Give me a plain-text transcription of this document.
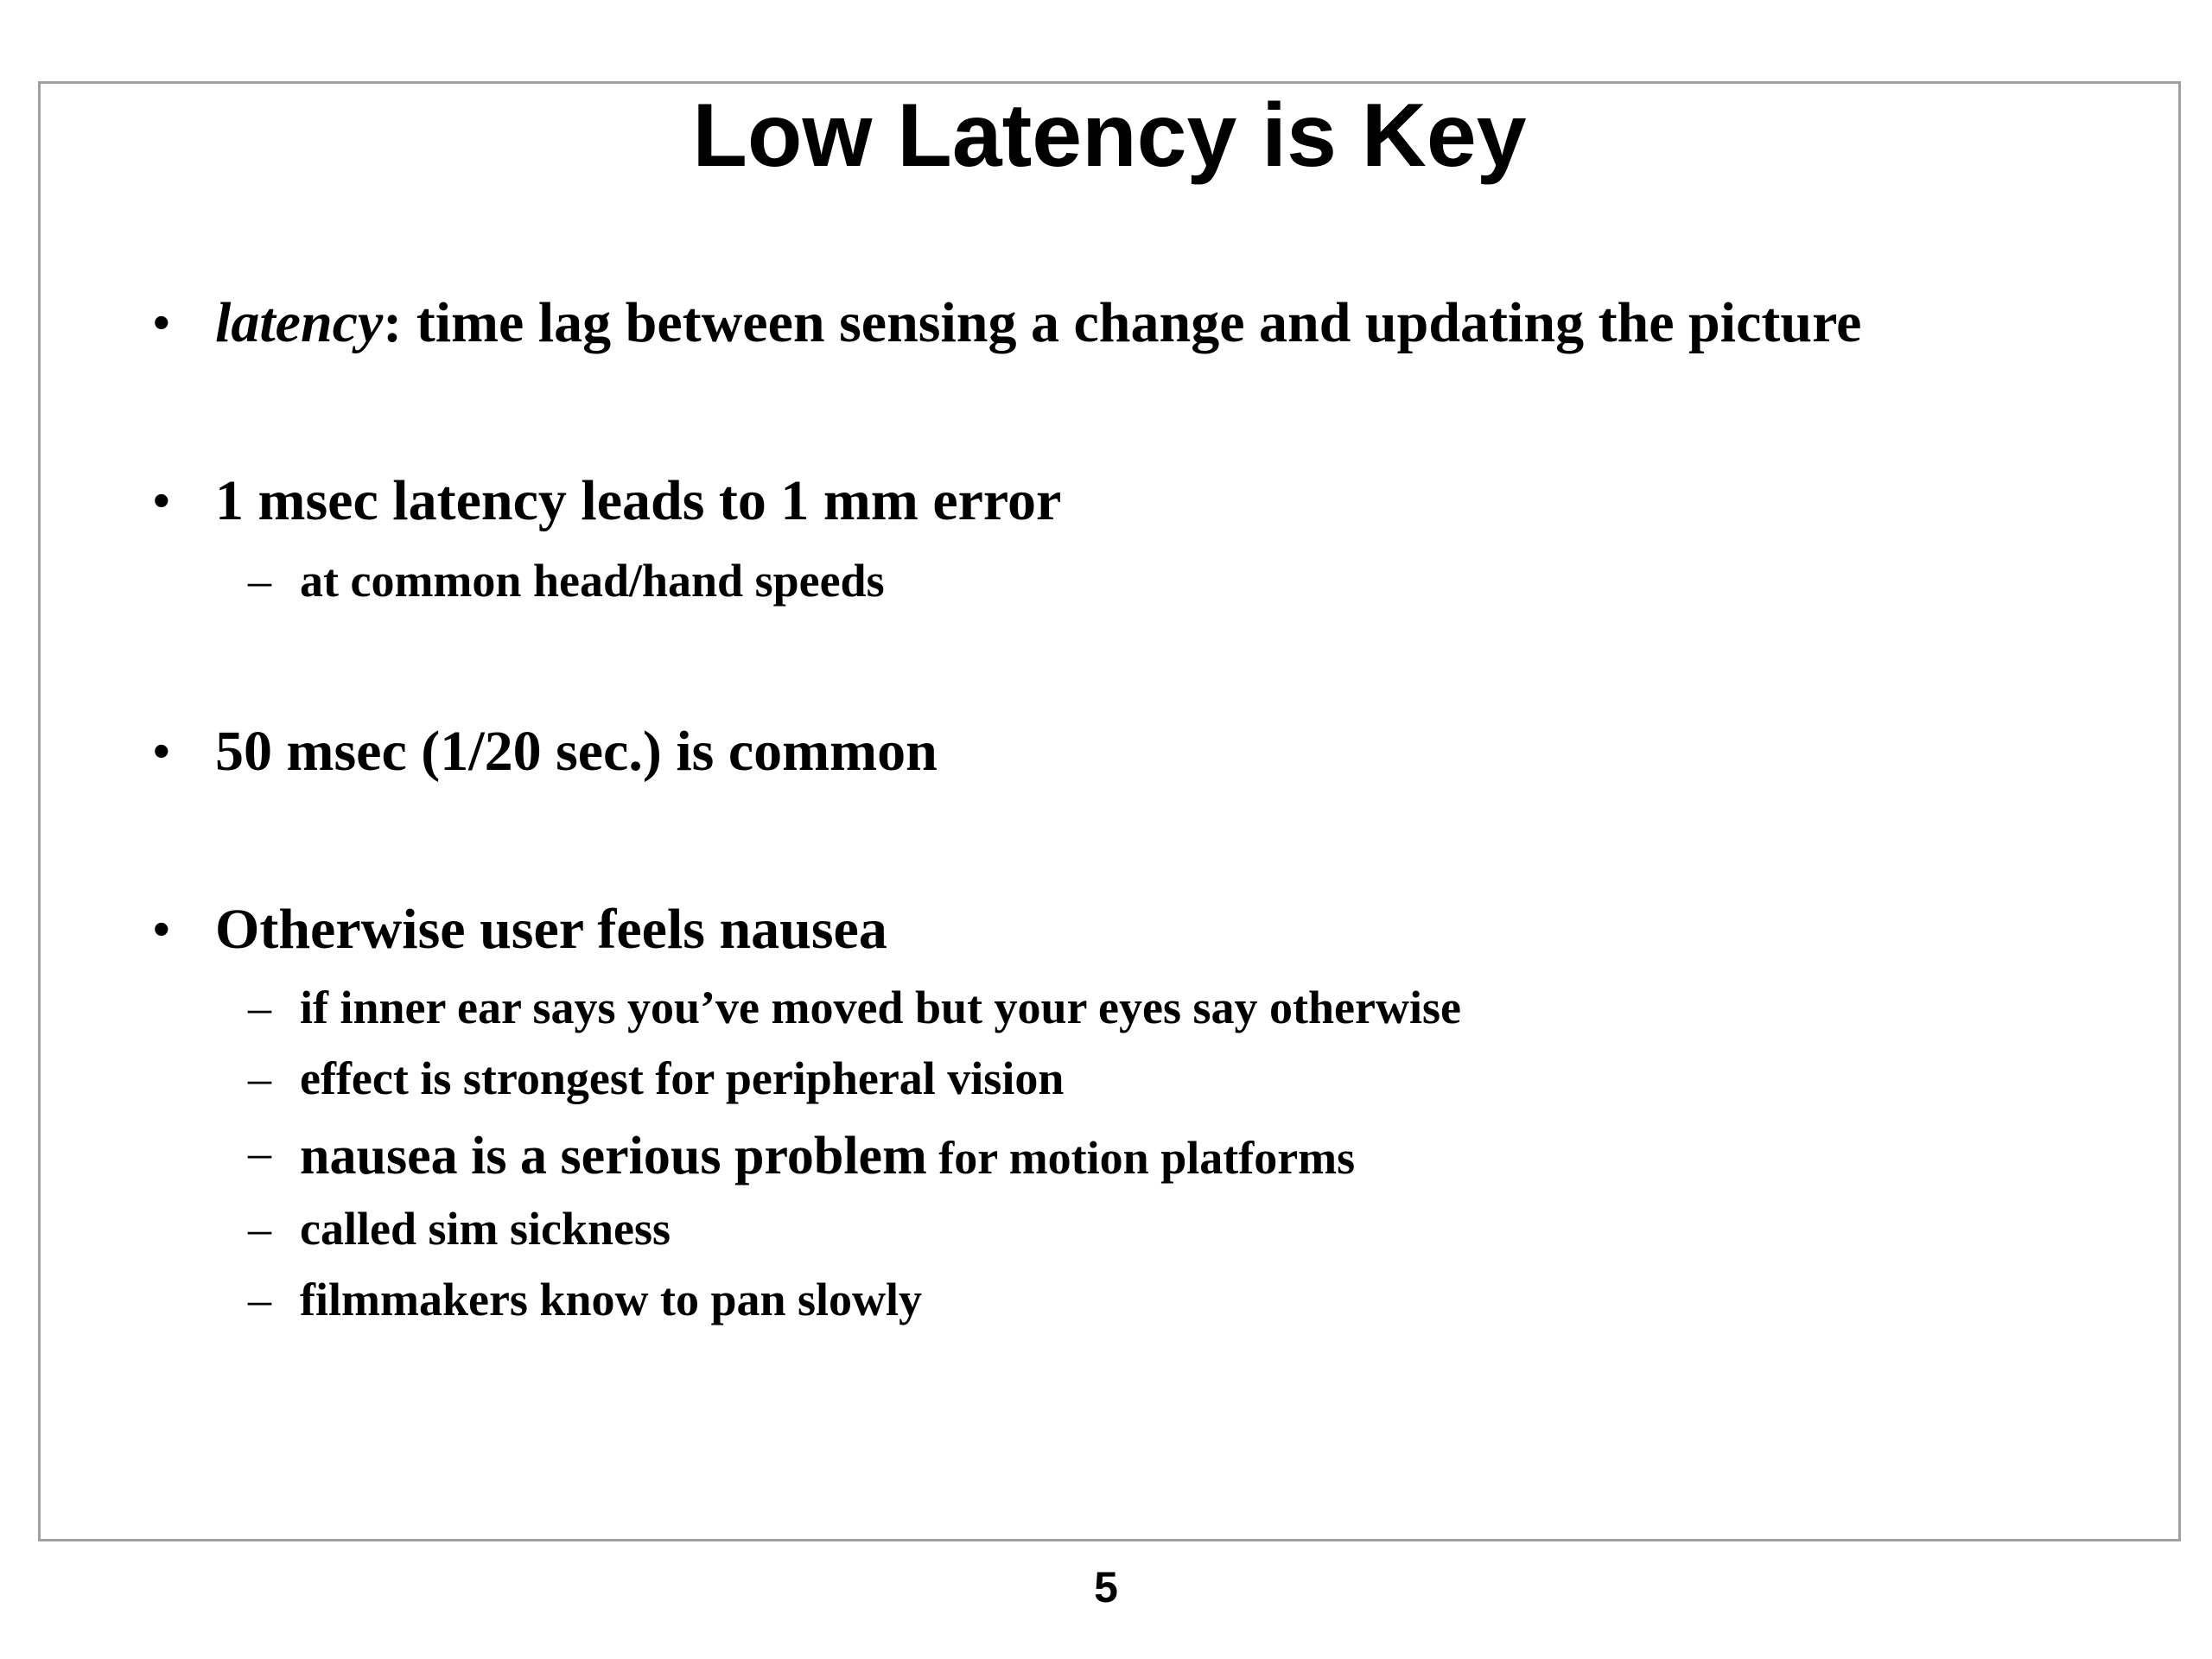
Low Latency is Key
• latency: time lag between sensing a change and updating the picture
• 1 msec latency leads to 1 mm error
– at common head/hand speeds
• 50 msec (1/20 sec.) is common
• Otherwise user feels nausea
– if inner ear says you’ve moved but your eyes say otherwise
– effect is strongest for peripheral vision
– nausea is a serious problem for motion platforms
– called sim sickness
– filmmakers know to pan slowly
5
